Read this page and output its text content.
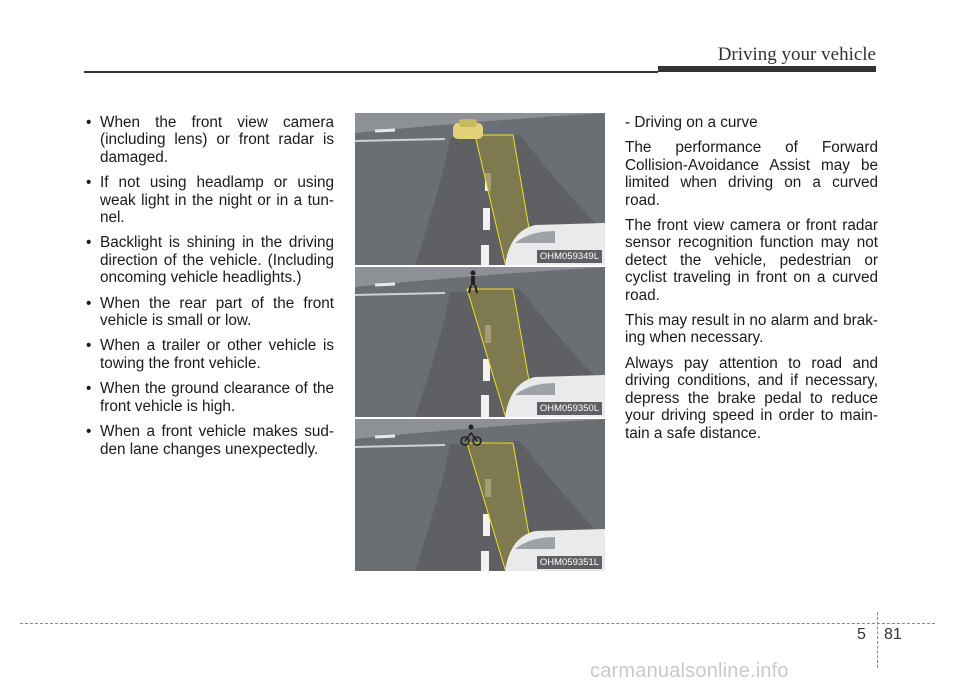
Driving your vehicle
• When the front view camera (including lens) or front radar is damaged.
• If not using headlamp or using weak light in the night or in a tun- nel.
• Backlight is shining in the driving direction of the vehicle. (Including oncoming vehicle headlights.)
• When the rear part of the front vehicle is small or low.
• When a trailer or other vehicle is towing the front vehicle.
• When the ground clearance of the front vehicle is high.
• When a front vehicle makes sud- den lane changes unexpectedly.
OHM059349L
OHM059350L
OHM059351L

- Driving on a curve

The performance of Forward Collision-Avoidance Assist may be limited when driving on a curved road.

The front view camera or front radar sensor recognition function may not detect the vehicle, pedestrian or cyclist traveling in front on a curved road.

This may result in no alarm and brak- ing when necessary.

Always pay attention to road and driving conditions, and if necessary, depress the brake pedal to reduce your driving speed in order to main- tain a safe distance.

5 81
carmanualsonline.info
